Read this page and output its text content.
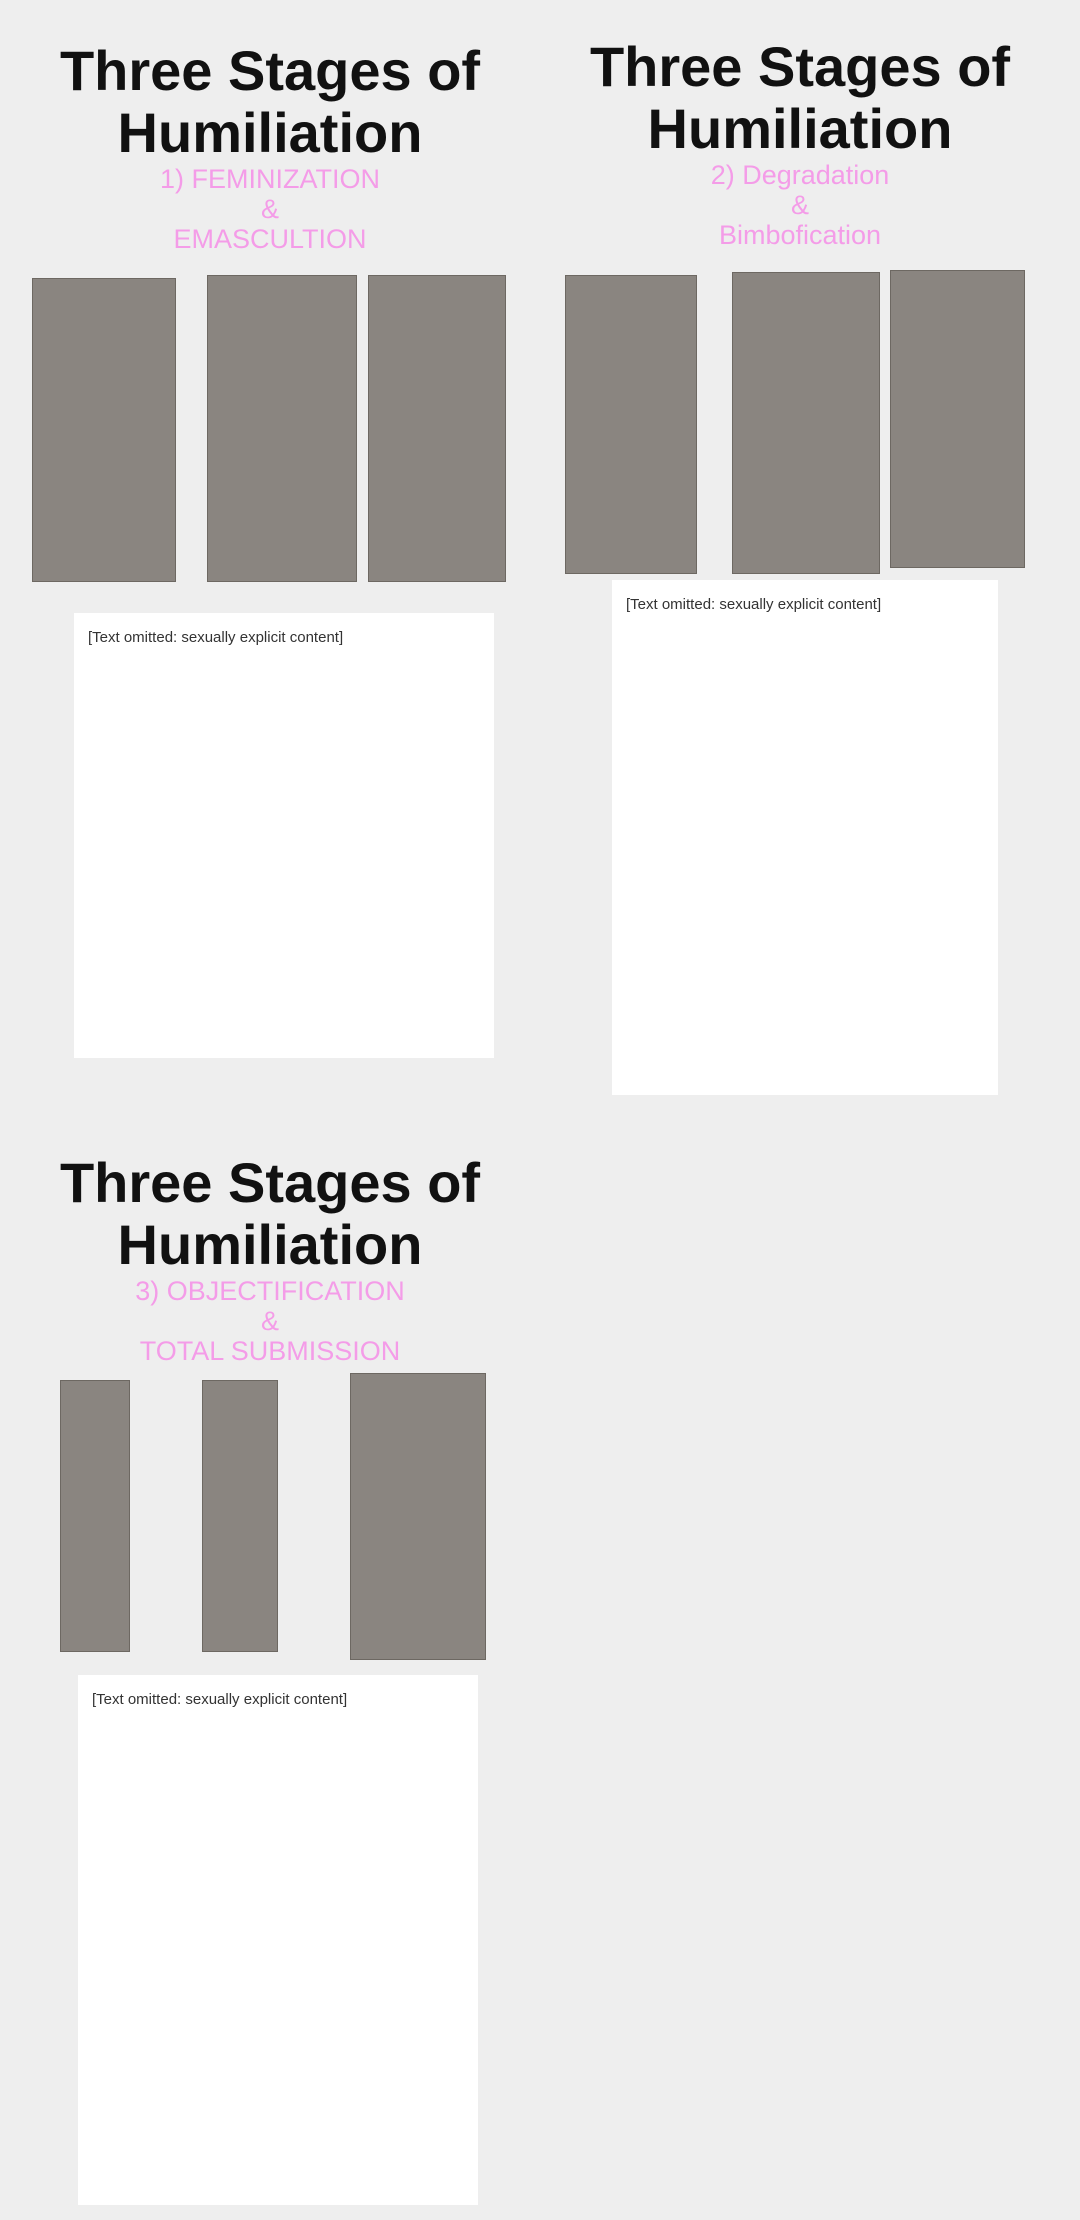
Three Stages of Humiliation
1) FEMINIZATION
&
EMASCULTION
[Text omitted: sexually explicit content]
Three Stages of Humiliation
2) Degradation
&
Bimbofication
[Text omitted: sexually explicit content]
Three Stages of Humiliation
3) OBJECTIFICATION
&
TOTAL SUBMISSION
[Text omitted: sexually explicit content]
